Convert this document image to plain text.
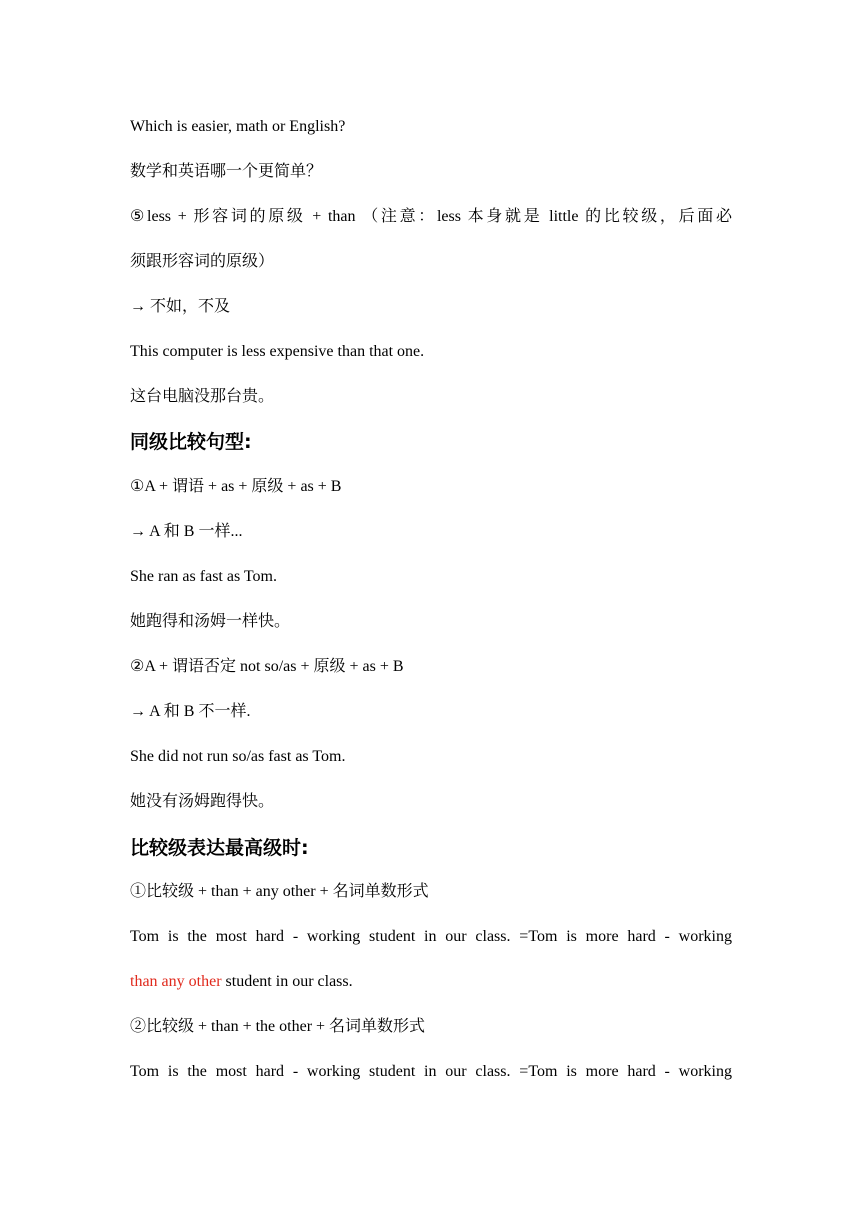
Which is easier, math or English?
数学和英语哪一个更简单？
⑤less + 形容词的原级 + than （注意：less 本身就是 little 的比较级，后面必
须跟形容词的原级）
→ 不如，不及
This computer is less expensive than that one.
这台电脑没那台贵。
同级比较句型:
①A + 谓语 + as + 原级 + as + B
→ A 和 B 一样...
She ran as fast as Tom.
她跑得和汤姆一样快。
②A + 谓语否定 not so/as + 原级 + as + B
→ A 和 B 不一样.
She did not run so/as fast as Tom.
她没有汤姆跑得快。
比较级表达最高级时:
①比较级 + than + any other + 名词单数形式
Tom is the most hard - working student in our class. =Tom is more hard - working
than any other student in our class.
②比较级 + than + the other + 名词单数形式
Tom is the most hard - working student in our class. =Tom is more hard - working
